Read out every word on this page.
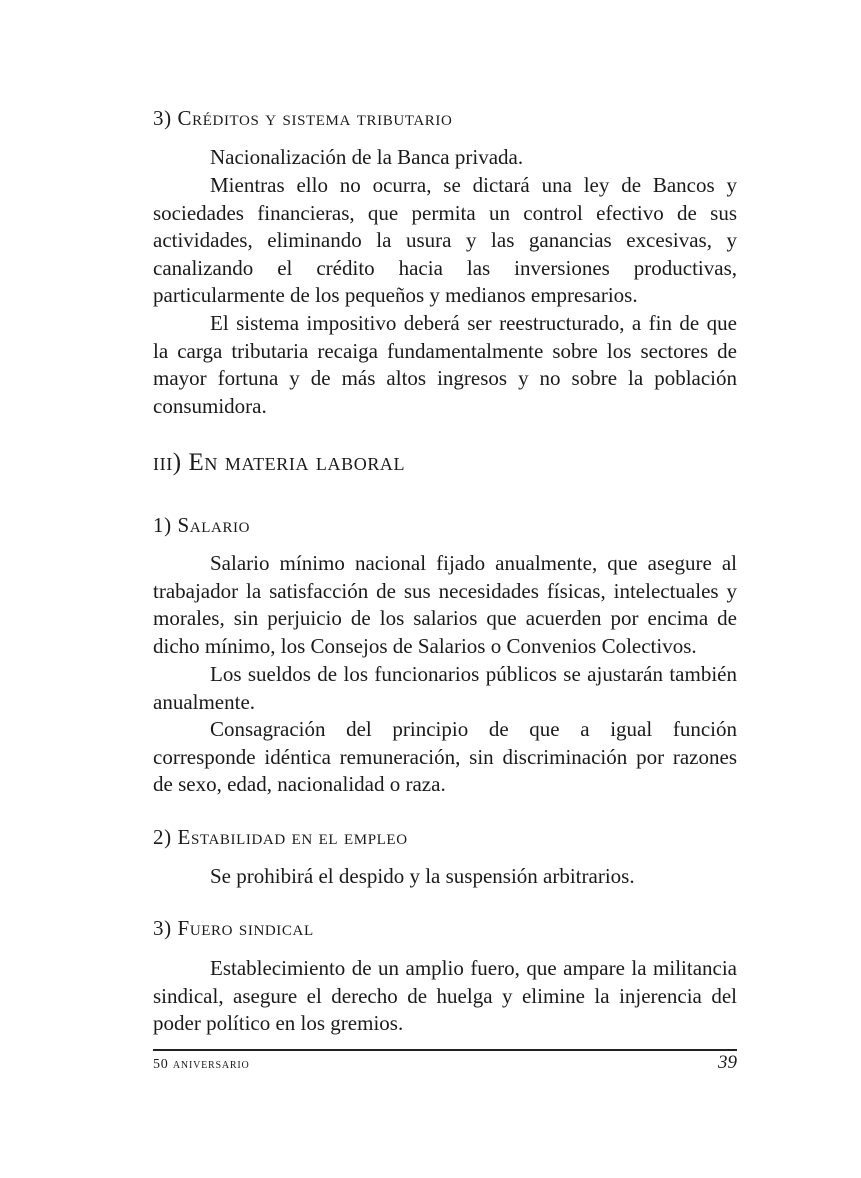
3) Créditos y sistema tributario
Nacionalización de la Banca privada.
Mientras ello no ocurra, se dictará una ley de Bancos y sociedades financieras, que permita un control efectivo de sus actividades, eliminando la usura y las ganancias excesivas, y canalizando el crédito hacia las inversiones productivas, particularmente de los pequeños y medianos empresarios.
El sistema impositivo deberá ser reestructurado, a fin de que la carga tributaria recaiga fundamentalmente sobre los sectores de mayor fortuna y de más altos ingresos y no sobre la población consumidora.
iii) En materia laboral
1) Salario
Salario mínimo nacional fijado anualmente, que asegure al trabajador la satisfacción de sus necesidades físicas, intelectuales y morales, sin perjuicio de los salarios que acuerden por encima de dicho mínimo, los Consejos de Salarios o Convenios Colectivos.
Los sueldos de los funcionarios públicos se ajustarán también anualmente.
Consagración del principio de que a igual función corresponde idéntica remuneración, sin discriminación por razones de sexo, edad, nacionalidad o raza.
2) Estabilidad en el empleo
Se prohibirá el despido y la suspensión arbitrarios.
3) Fuero sindical
Establecimiento de un amplio fuero, que ampare la militancia sindical, asegure el derecho de huelga y elimine la injerencia del poder político en los gremios.
50 aniversario	39
